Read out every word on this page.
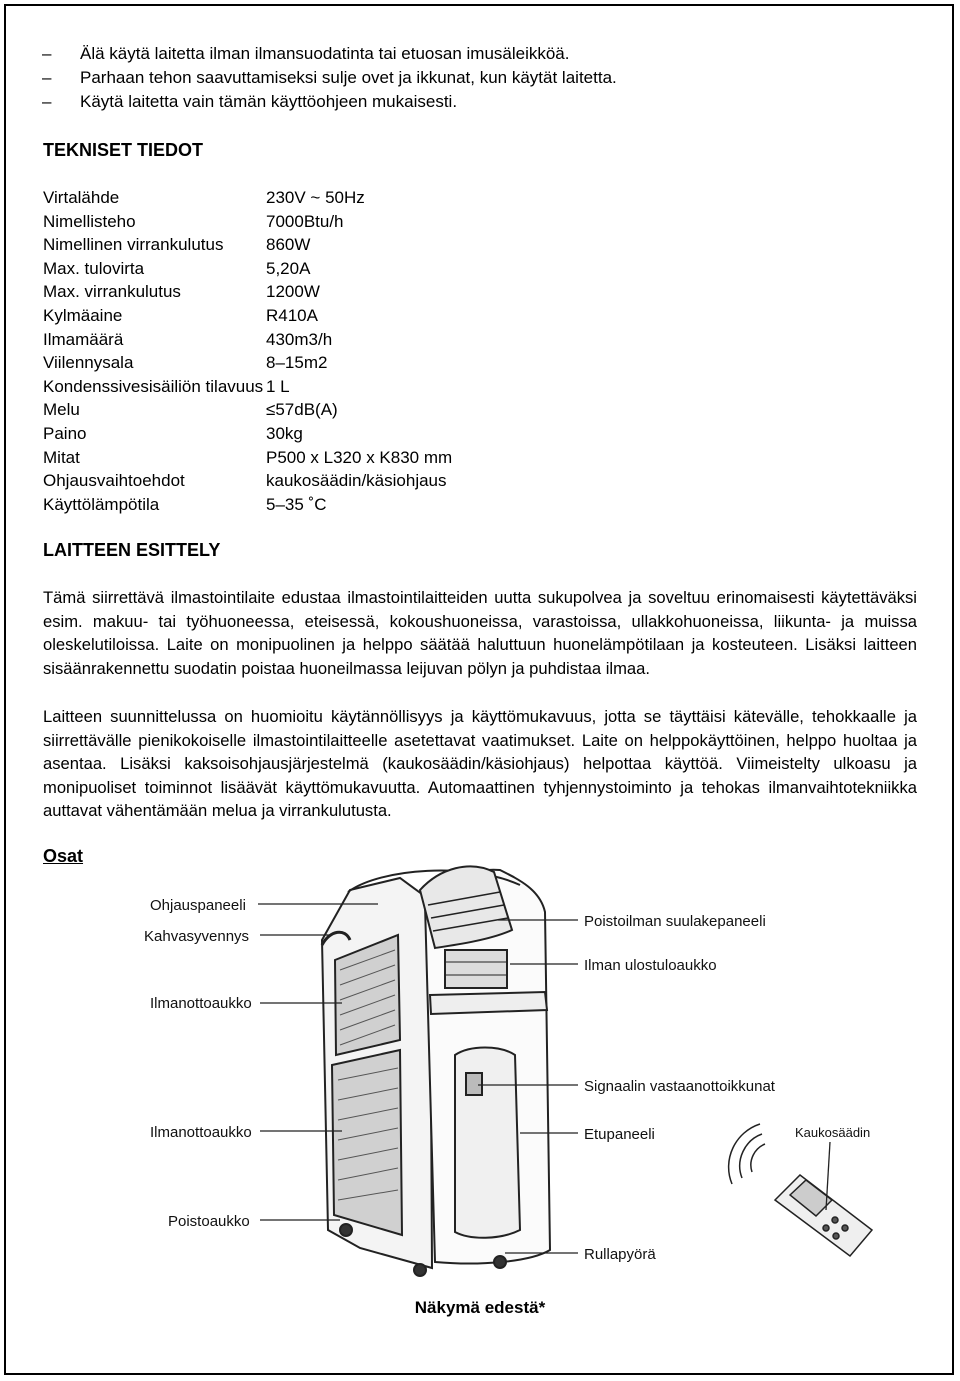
–	Älä käytä laitetta ilman ilmansuodatinta tai etuosan imusäleikköä.
–	Parhaan tehon saavuttamiseksi sulje ovet ja ikkunat, kun käytät laitetta.
–	Käytä laitetta vain tämän käyttöohjeen mukaisesti.
TEKNISET TIEDOT
Virtalähde	230V ~ 50Hz
Nimellisteho	7000Btu/h
Nimellinen virrankulutus	860W
Max. tulovirta	5,20A
Max. virrankulutus	1200W
Kylmäaine	R410A
Ilmamäärä	430m3/h
Viilennysala	8–15m2
Kondenssivesisäiliön tilavuus 1 L
Melu	≤57dB(A)
Paino	30kg
Mitat	P500 x L320 x K830 mm
Ohjausvaihtoehdot	kaukosäädin/käsiohjaus
Käyttölämpötila	5–35 ˚C
LAITTEEN ESITTELY

Tämä siirrettävä ilmastointilaite edustaa ilmastointilaitteiden uutta sukupolvea ja soveltuu erinomaisesti käytettäväksi esim. makuu- tai työhuoneessa, eteisessä, kokoushuoneissa, varastoissa, ullakkohuoneissa, liikunta- ja muissa oleskelutiloissa. Laite on monipuolinen ja helppo säätää haluttuun huonelämpötilaan ja kosteuteen. Lisäksi laitteen sisäänrakennettu suodatin poistaa huoneilmassa leijuvan pölyn ja puhdistaa ilmaa.

Laitteen suunnittelussa on huomioitu käytännöllisyys ja käyttömukavuus, jotta se täyttäisi kätevälle, tehokkaalle ja siirrettävälle pienikokoiselle ilmastointilaitteelle asetettavat vaatimukset. Laite on helppokäyttöinen, helppo huoltaa ja asentaa. Lisäksi kaksoisohjausjärjestelmä (kaukosäädin/käsiohjaus) helpottaa käyttöä. Viimeistelty ulkoasu ja monipuoliset toiminnot lisäävät käyttömukavuutta. Automaattinen tyhjennystoiminto ja tehokas ilmanvaihtotekniikka auttavat vähentämään melua ja virrankulutusta.

Osat
Ohjauspaneeli
Kahvasyvennys
Ilmanottoaukko
Ilmanottoaukko
Poistoaukko
Poistoilman suulakepaneeli
Ilman ulostuloaukko
Signaalin vastaanottoikkunat
Etupaneeli
Rullapyörä
Kaukosäädin
Näkymä edestä*
